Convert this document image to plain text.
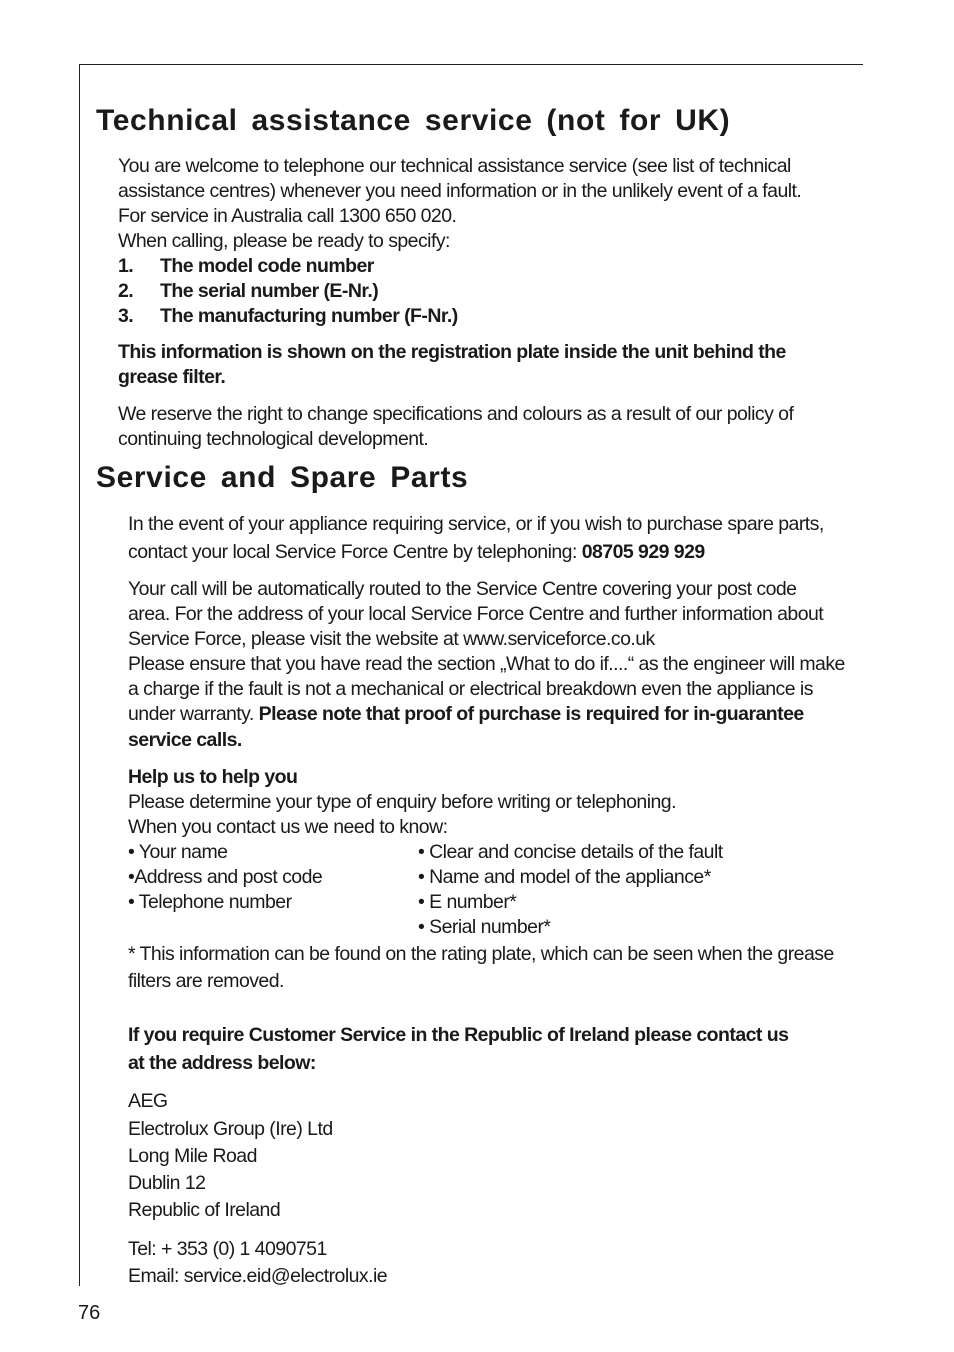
Technical assistance service (not for UK)
You are welcome to telephone our technical assistance service (see list of technical
assistance centres) whenever you need information or in the unlikely event of a fault.
For service in Australia call 1300 650 020.
When calling, please be ready to specify:
1. The model code number
2. The serial number (E-Nr.)
3. The manufacturing number (F-Nr.)
This information is shown on the registration plate inside the unit behind the
grease filter.
We reserve the right to change specifications and colours as a result of our policy of
continuing technological development.
Service and Spare Parts
In the event of your appliance requiring service, or if you wish to purchase spare parts,
contact your local Service Force Centre by telephoning: 08705 929 929
Your call will be automatically routed to the Service Centre covering your post code
area. For the address of your local Service Force Centre and further information about
Service Force, please visit the website at www.serviceforce.co.uk
Please ensure that you have read the section „What to do if....“ as the engineer will make
a charge if the fault is not a mechanical or electrical breakdown even the appliance is
under warranty. Please note that proof of purchase is required for in-guarantee
service calls.
Help us to help you
Please determine your type of enquiry before writing or telephoning.
When you contact us we need to know:
• Your name
•Address and post code
• Telephone number
• Clear and concise details of the fault
• Name and model of the appliance*
• E number*
• Serial number*
* This information can be found on the rating plate, which can be seen when the grease
filters are removed.
If you require Customer Service in the Republic of Ireland please contact us
at the address below:
AEG
Electrolux Group (Ire) Ltd
Long Mile Road
Dublin 12
Republic of Ireland
Tel: + 353 (0) 1 4090751
Email: service.eid@electrolux.ie
76
